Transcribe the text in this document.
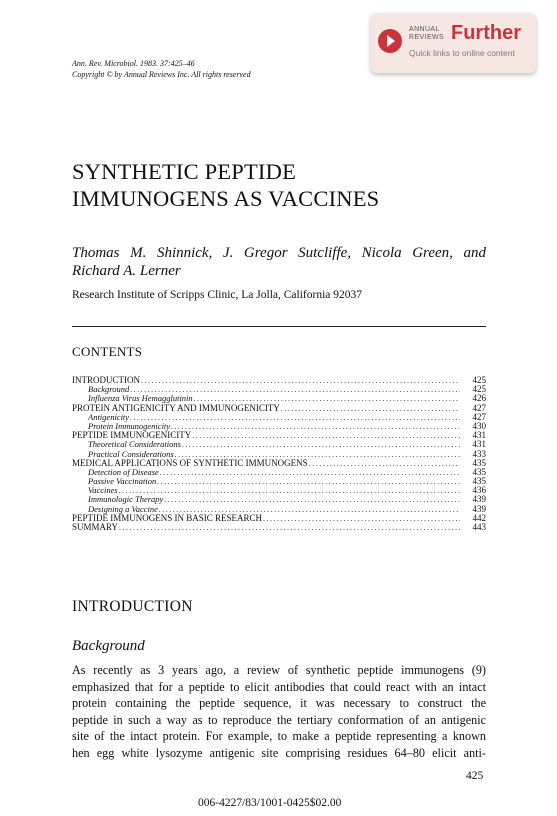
ANNUAL
REVIEWS Further
Quick links to online content
Ann. Rev. Microbiol. 1983. 37:425–46
Copyright © by Annual Reviews Inc. All rights reserved
SYNTHETIC PEPTIDE
IMMUNOGENS AS VACCINES
Thomas M. Shinnick, J. Gregor Sutcliffe, Nicola Green, and
Richard A. Lerner
Research Institute of Scripps Clinic, La Jolla, California 92037
CONTENTS
INTRODUCTION .....	425
Background .....	425
Influenza Virus Hemagglutinin .....	426
PROTEIN ANTIGENICITY AND IMMUNOGENICITY .....	427
Antigenicity .....	427
Protein Immunogenicity .....	430
PEPTIDE IMMUNOGENICITY .....	431
Theoretical Considerations .....	431
Practical Considerations .....	433
MEDICAL APPLICATIONS OF SYNTHETIC IMMUNOGENS .....	435
Detection of Disease .....	435
Passive Vaccination .....	435
Vaccines .....	436
Immunologic Therapy .....	439
Designing a Vaccine .....	439
PEPTIDE IMMUNOGENS IN BASIC RESEARCH .....	442
SUMMARY .....	443
INTRODUCTION
Background
As recently as 3 years ago, a review of synthetic peptide immunogens (9)
emphasized that for a peptide to elicit antibodies that could react with an intact
protein containing the peptide sequence, it was necessary to construct the
peptide in such a way as to reproduce the tertiary conformation of an antigenic
site of the intact protein. For example, to make a peptide representing a known
hen egg white lysozyme antigenic site comprising residues 64–80 elicit anti-
425
006-4227/83/1001-0425$02.00
